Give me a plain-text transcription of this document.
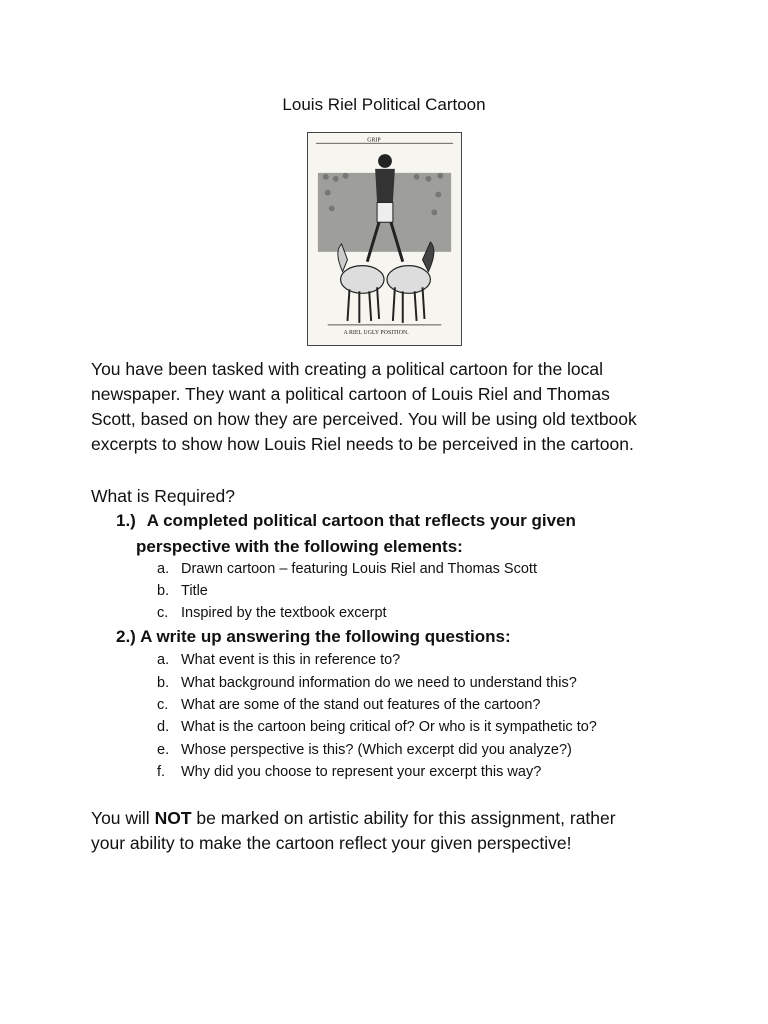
Louis Riel Political Cartoon
GRIP
A RIEL UGLY POSITION.

You have been tasked with creating a political cartoon for the local

newspaper. They want a political cartoon of Louis Riel and Thomas

Scott, based on how they are perceived. You will be using old textbook

excerpts to show how Louis Riel needs to be perceived in the cartoon.

What is Required?
1.) A completed political cartoon that reflects your given
perspective with the following elements:
a. Drawn cartoon – featuring Louis Riel and Thomas Scott
b. Title
c. Inspired by the textbook excerpt
2.) A write up answering the following questions:
a. What event is this in reference to?
b. What background information do we need to understand this?
c. What are some of the stand out features of the cartoon?
d. What is the cartoon being critical of? Or who is it sympathetic to?
e. Whose perspective is this? (Which excerpt did you analyze?)
f. Why did you choose to represent your excerpt this way?

You will NOT be marked on artistic ability for this assignment, rather

your ability to make the cartoon reflect your given perspective!
